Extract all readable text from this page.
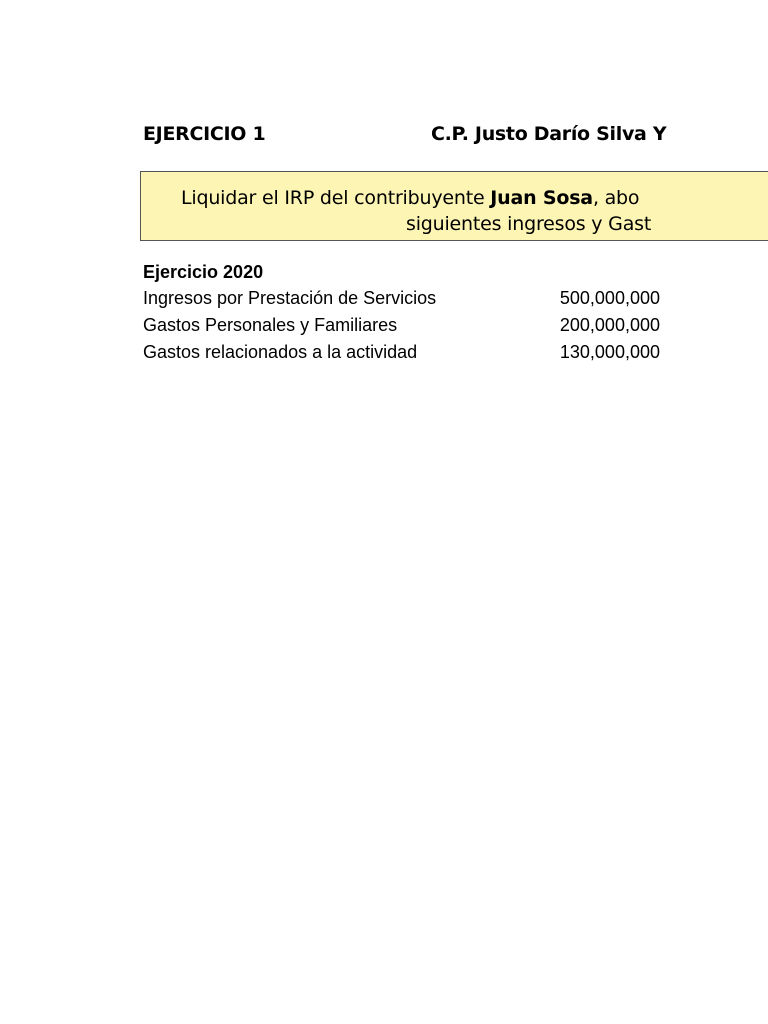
EJERCICIO 1	C.P. Justo Darío Silva Y
Liquidar el IRP del contribuyente Juan Sosa, abo
siguientes ingresos y Gast
Ejercicio 2020
Ingresos por Prestación de Servicios	500,000,000
Gastos Personales y Familiares	200,000,000
Gastos relacionados a la actividad	130,000,000
